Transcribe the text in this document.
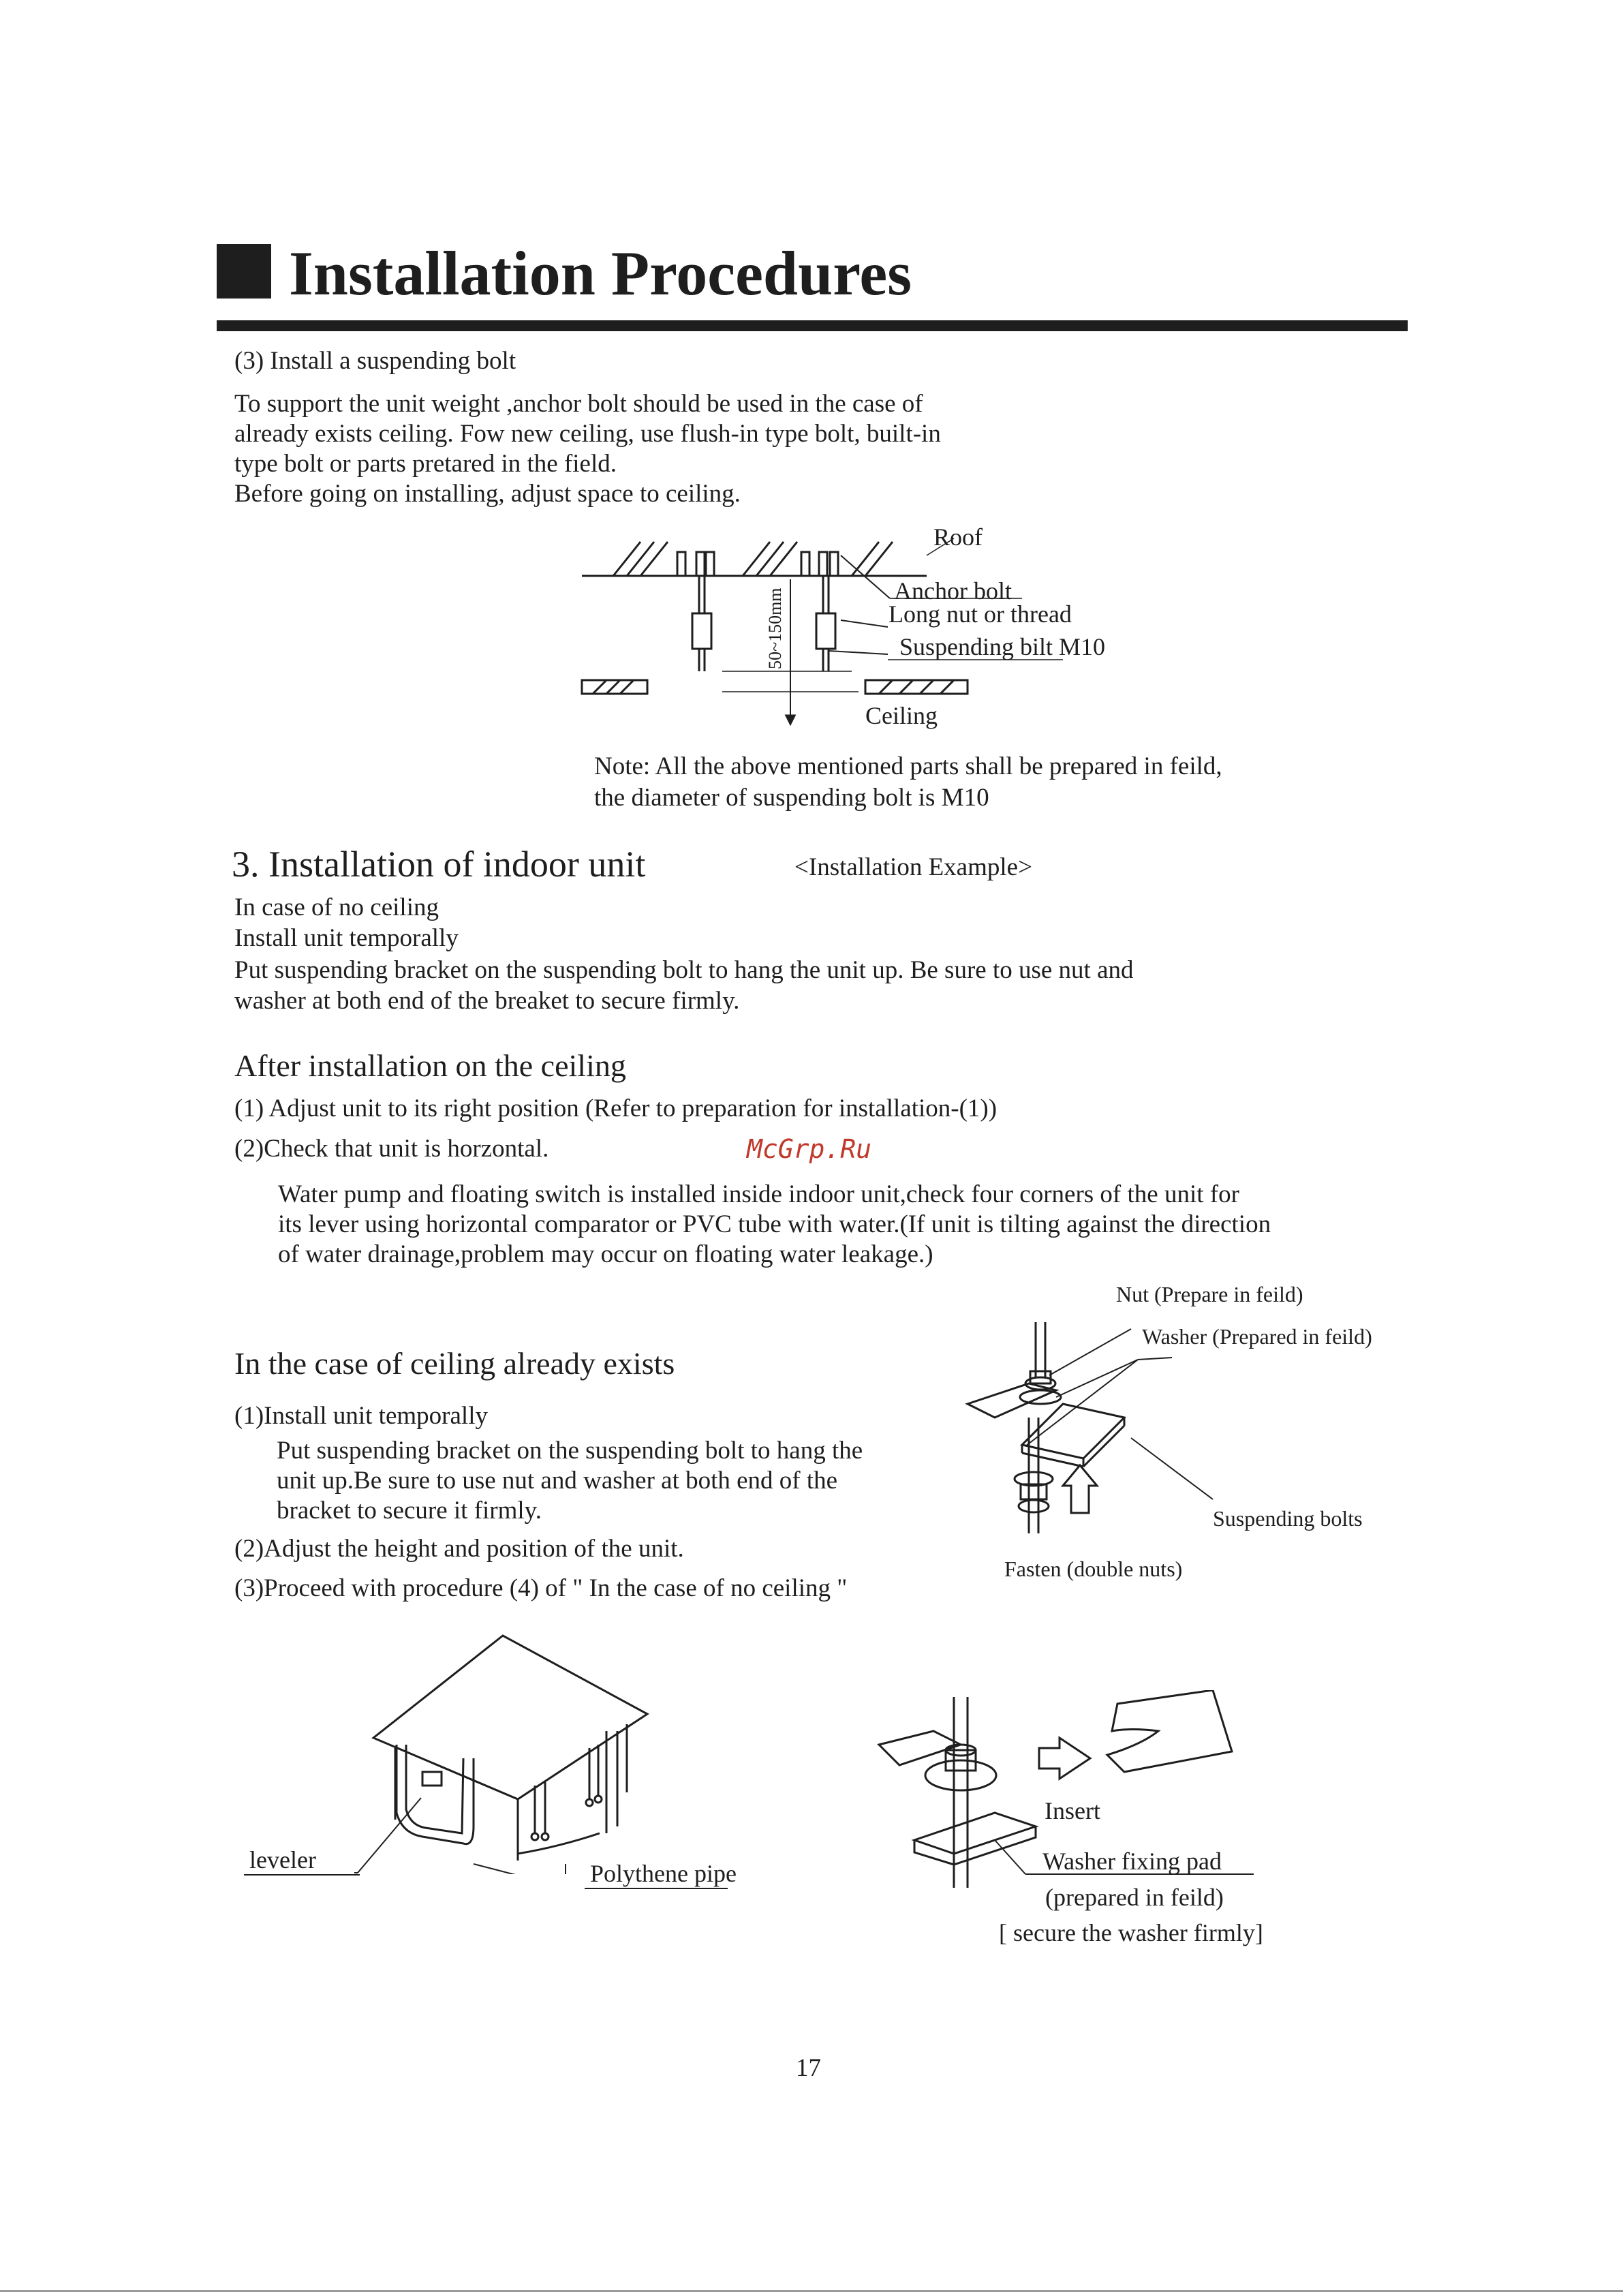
Installation Procedures
(3) Install a suspending bolt
To support the unit weight ,anchor bolt should be used in the case of
already exists ceiling. Fow new ceiling, use flush-in type bolt, built-in
type bolt or parts pretared in the field.
Before going on installing, adjust space to ceiling.
50~150mm
Roof
Anchor bolt
Long nut or thread
Suspending bilt M10
Ceiling
Note: All the above mentioned parts shall be prepared in feild,
the diameter of suspending bolt is M10
3. Installation of indoor unit	<Installation Example>
In case of no ceiling
Install unit temporally
Put suspending bracket on the suspending bolt to hang the unit up. Be sure to use nut and
washer at both end of the breaket to secure firmly.
After installation on the ceiling
(1) Adjust unit to its right position (Refer to preparation for installation-(1))
(2)Check that unit is horzontal.	McGrp.Ru
Water pump and floating switch is installed inside indoor unit,check four corners of the unit for
its lever using horizontal comparator or PVC tube with water.(If unit is tilting against the direction
of water drainage,problem may occur on floating water leakage.)
In the case of ceiling already exists
(1)Install unit temporally
Put suspending bracket on the suspending bolt to hang the
unit up.Be sure to use nut and washer at both end of the
bracket to secure it firmly.
(2)Adjust the height and position of the unit.
(3)Proceed with procedure (4) of " In the case of no ceiling "
Nut (Prepare in feild)
Washer (Prepared in feild)
Suspending bolts
Fasten (double nuts)
leveler	Polythene pipe
Insert
Washer fixing pad
(prepared in feild)
[ secure the washer firmly]
17
